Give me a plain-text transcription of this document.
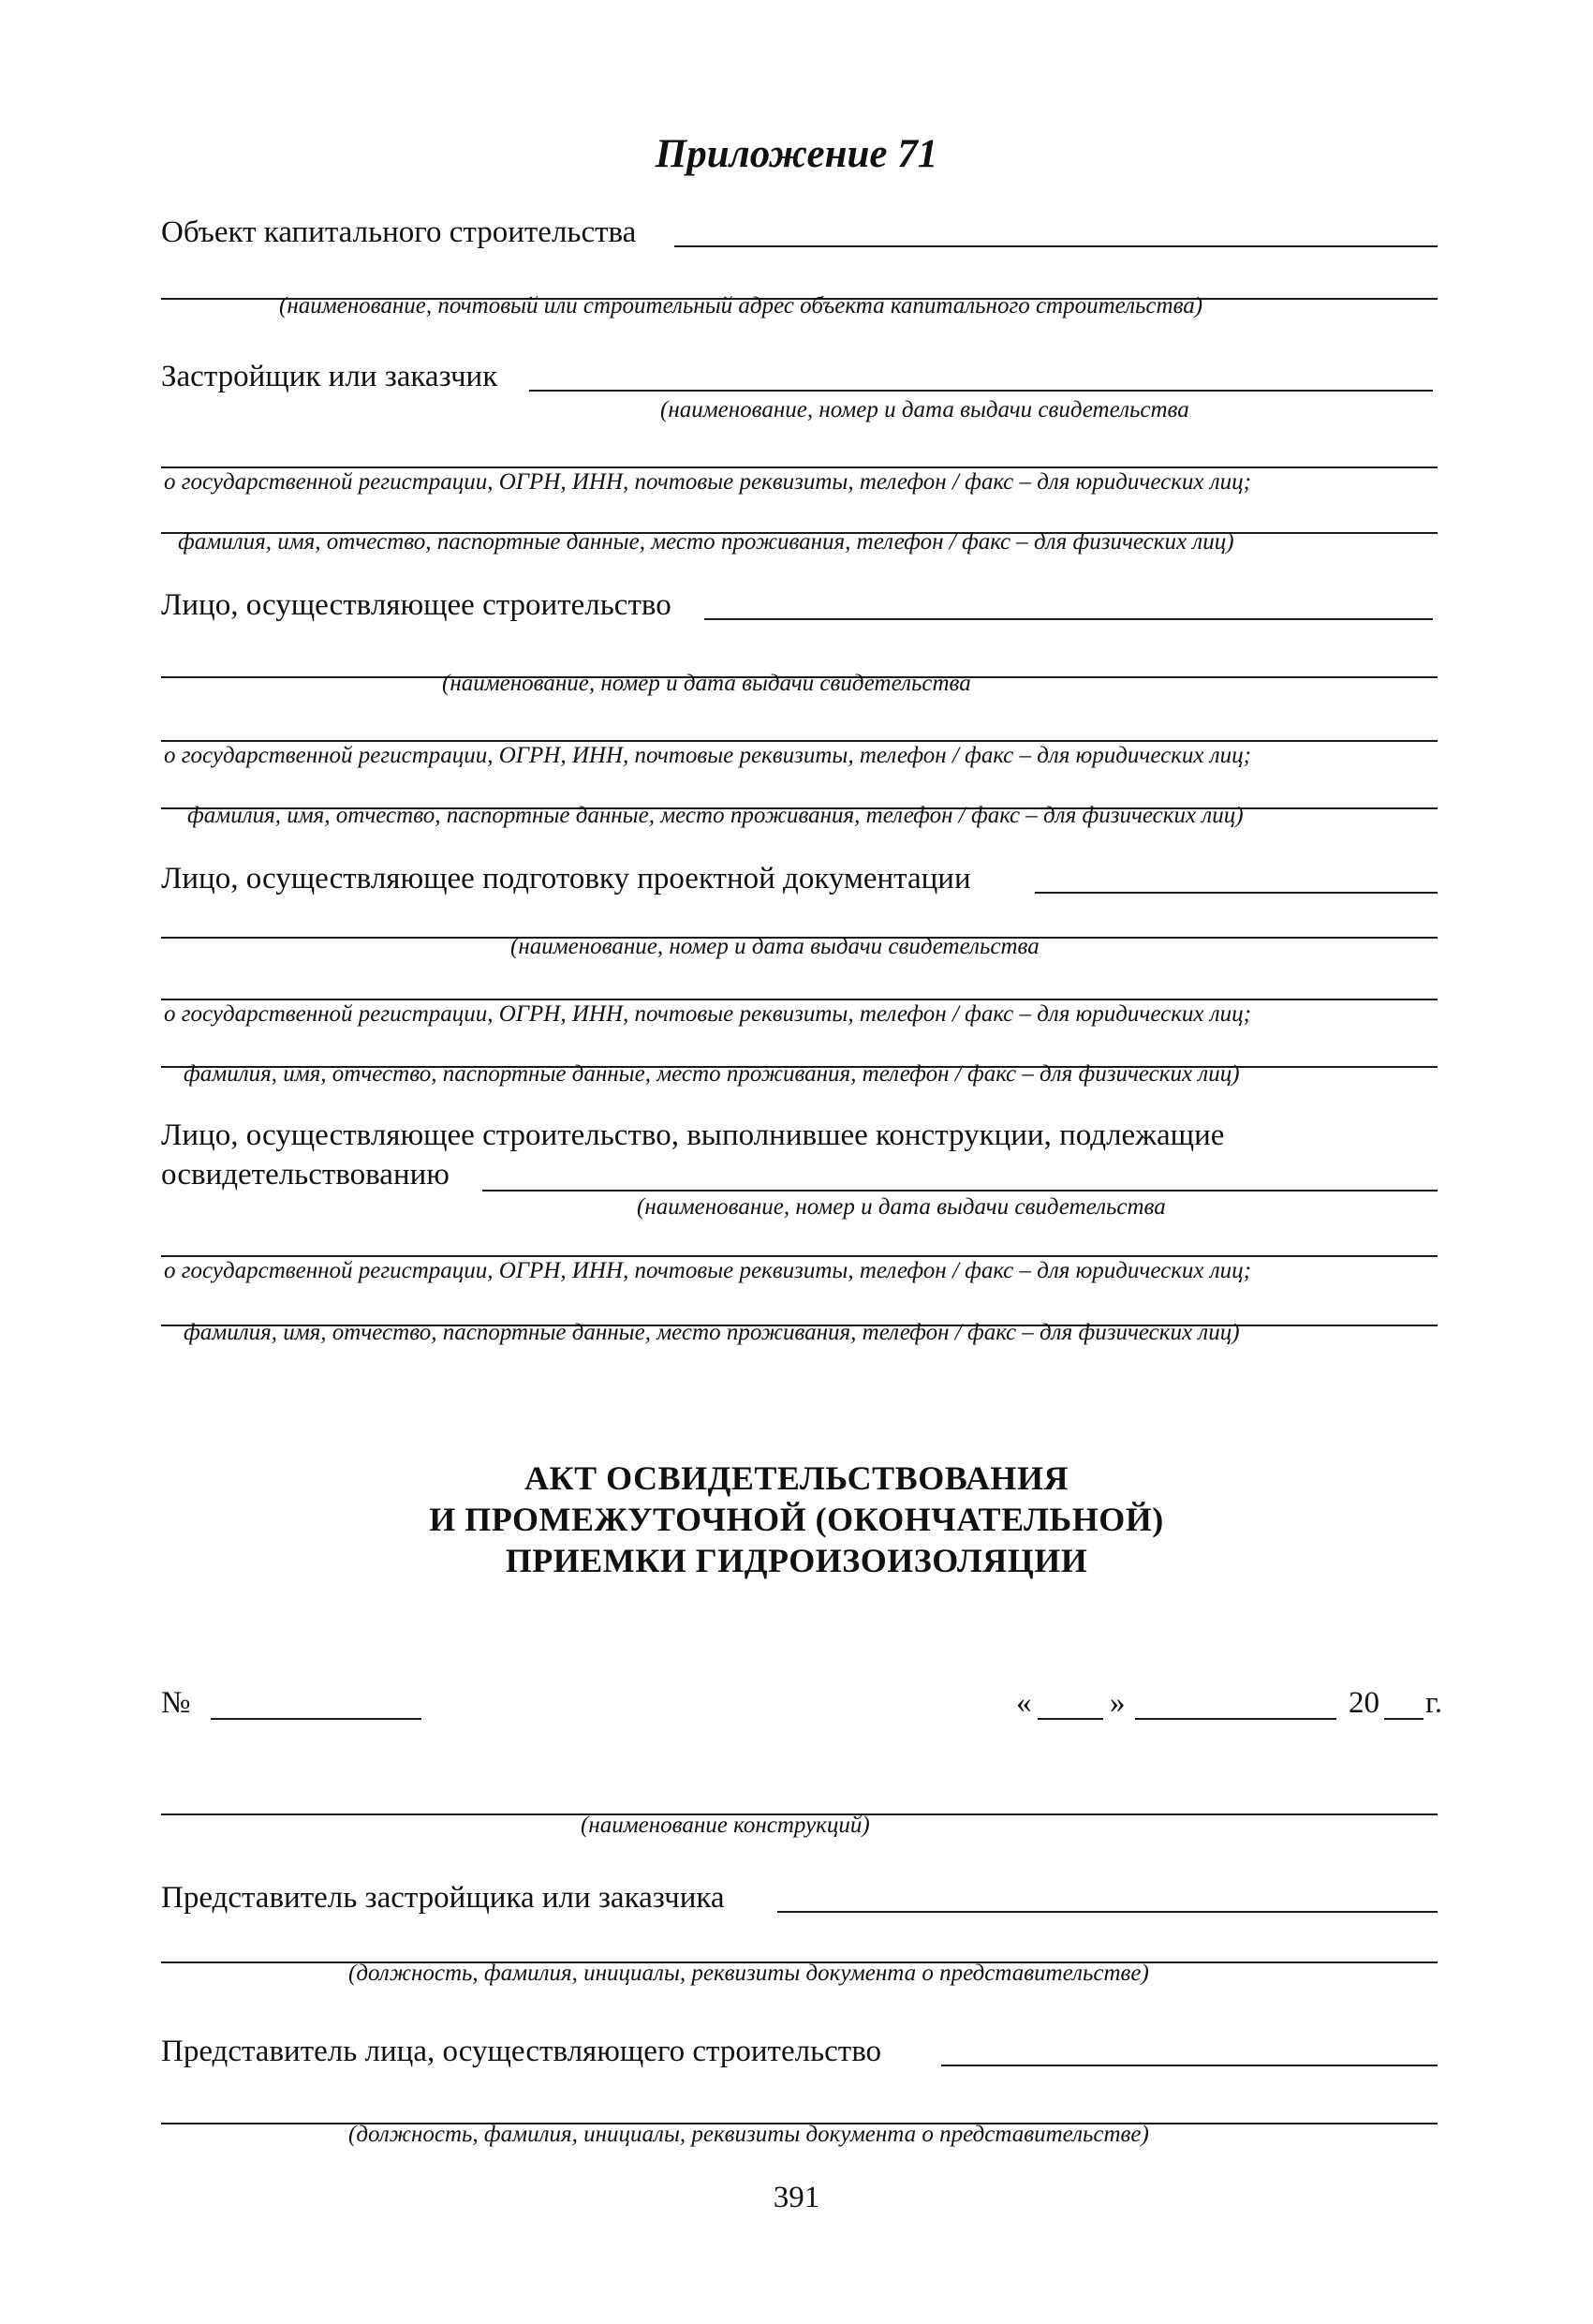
Приложение 71
Объект капитального строительства
(наименование, почтовый или строительный адрес объекта капитального строительства)
Застройщик или заказчик
(наименование, номер и дата выдачи свидетельства
о государственной регистрации, ОГРН, ИНН, почтовые реквизиты, телефон / факс – для юридических лиц;
фамилия, имя, отчество, паспортные данные, место проживания, телефон / факс – для физических лиц)
Лицо, осуществляющее строительство
(наименование, номер и дата выдачи свидетельства
о государственной регистрации, ОГРН, ИНН, почтовые реквизиты, телефон / факс – для юридических лиц;
фамилия, имя, отчество, паспортные данные, место проживания, телефон / факс – для физических лиц)
Лицо, осуществляющее подготовку проектной документации
(наименование, номер и дата выдачи свидетельства
о государственной регистрации, ОГРН, ИНН, почтовые реквизиты, телефон / факс – для юридических лиц;
фамилия, имя, отчество, паспортные данные, место проживания, телефон / факс – для физических лиц)
Лицо, осуществляющее строительство, выполнившее конструкции, подлежащие
освидетельствованию
(наименование, номер и дата выдачи свидетельства
о государственной регистрации, ОГРН, ИНН, почтовые реквизиты, телефон / факс – для юридических лиц;
фамилия, имя, отчество, паспортные данные, место проживания, телефон / факс – для физических лиц)
АКТ ОСВИДЕТЕЛЬСТВОВАНИЯ
И ПРОМЕЖУТОЧНОЙ (ОКОНЧАТЕЛЬНОЙ)
ПРИЕМКИ ГИДРОИЗОИЗОЛЯЦИИ
№	«	»	20 г.
(наименование конструкций)
Представитель застройщика или заказчика
(должность, фамилия, инициалы, реквизиты документа о представительстве)
Представитель лица, осуществляющего строительство
(должность, фамилия, инициалы, реквизиты документа о представительстве)
391
